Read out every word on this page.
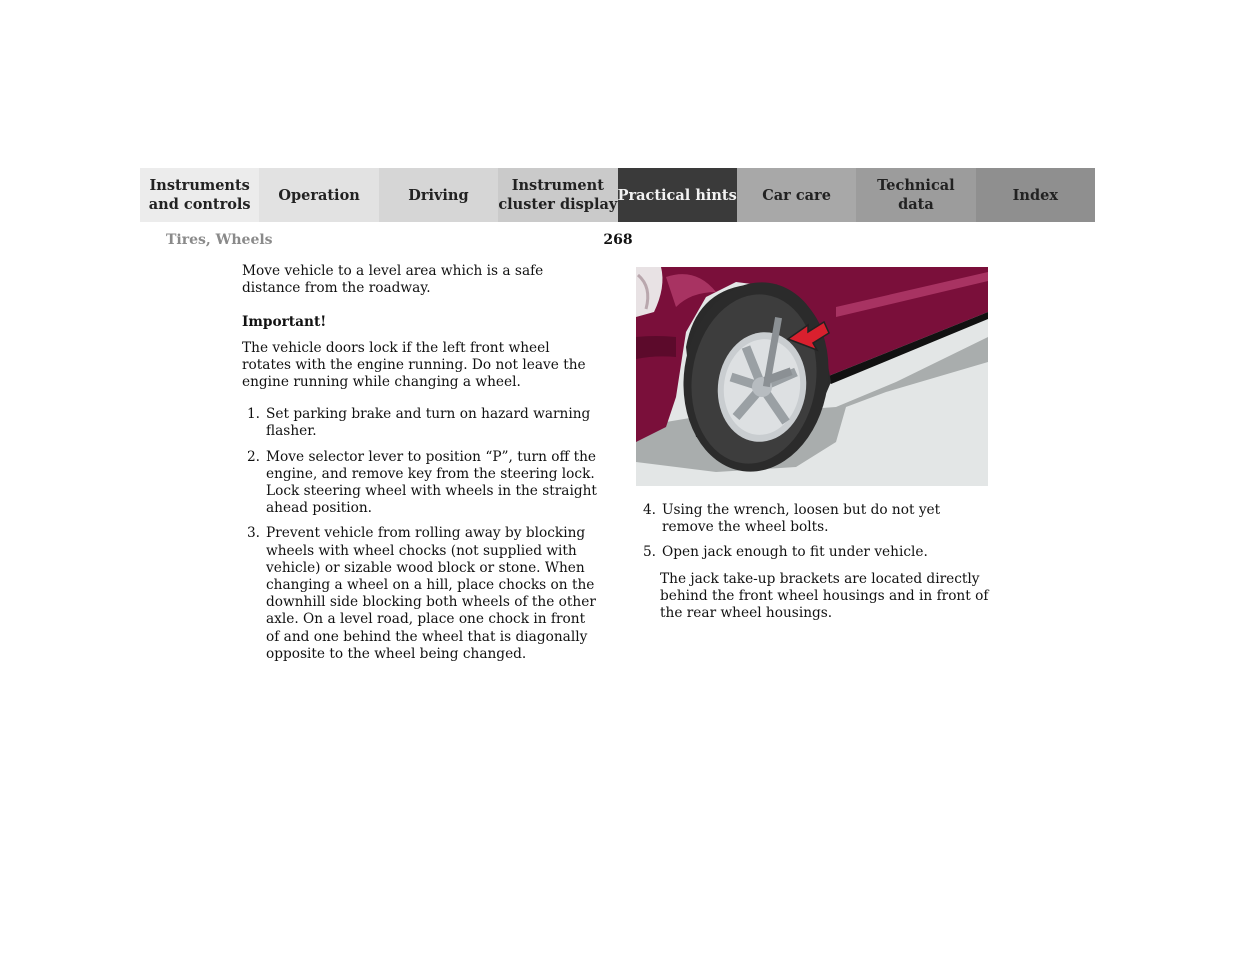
Instruments
and controls
Operation	Driving
Instrument
cluster display
Practical hints	Car care
Technical
data
Index
Tires, Wheels	268

Move vehicle to a level area which is a safe distance from the roadway.

Important!

The vehicle doors lock if the left front wheel rotates with the engine running. Do not leave the engine running while changing a wheel.

1. Set parking brake and turn on hazard warning flasher.
2. Move selector lever to position “P”, turn off the engine, and remove key from the steering lock. Lock steering wheel with wheels in the straight ahead position.
3. Prevent vehicle from rolling away by blocking wheels with wheel chocks (not supplied with vehicle) or sizable wood block or stone. When changing a wheel on a hill, place chocks on the downhill side blocking both wheels of the other axle. On a level road, place one chock in front of and one behind the wheel that is diagonally opposite to the wheel being changed.
4. Using the wrench, loosen but do not yet remove the wheel bolts.
5. Open jack enough to fit under vehicle.

The jack take-up brackets are located directly behind the front wheel housings and in front of the rear wheel housings.
